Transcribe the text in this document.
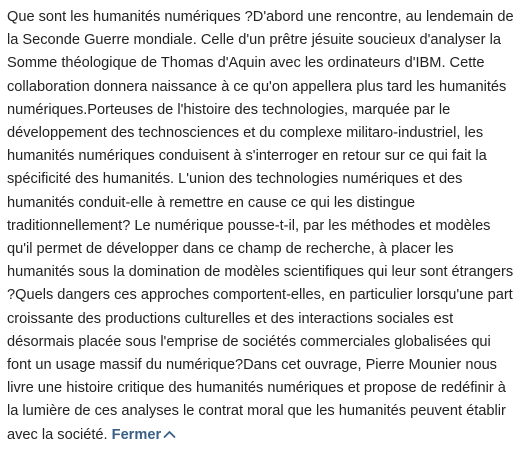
Que sont les humanités numériques ?D'abord une rencontre, au lendemain de la Seconde Guerre mondiale. Celle d'un prêtre jésuite soucieux d'analyser la Somme théologique de Thomas d'Aquin avec les ordinateurs d'IBM. Cette collaboration donnera naissance à ce qu'on appellera plus tard les humanités numériques.Porteuses de l'histoire des technologies, marquée par le développement des technosciences et du complexe militaro-industriel, les humanités numériques conduisent à s'interroger en retour sur ce qui fait la spécificité des humanités. L'union des technologies numériques et des humanités conduit-elle à remettre en cause ce qui les distingue traditionnellement? Le numérique pousse-t-il, par les méthodes et modèles qu'il permet de développer dans ce champ de recherche, à placer les humanités sous la domination de modèles scientifiques qui leur sont étrangers ?Quels dangers ces approches comportent-elles, en particulier lorsqu'une part croissante des productions culturelles et des interactions sociales est désormais placée sous l'emprise de sociétés commerciales globalisées qui font un usage massif du numérique?Dans cet ouvrage, Pierre Mounier nous livre une histoire critique des humanités numériques et propose de redéfinir à la lumière de ces analyses le contrat moral que les humanités peuvent établir avec la société. Fermer
